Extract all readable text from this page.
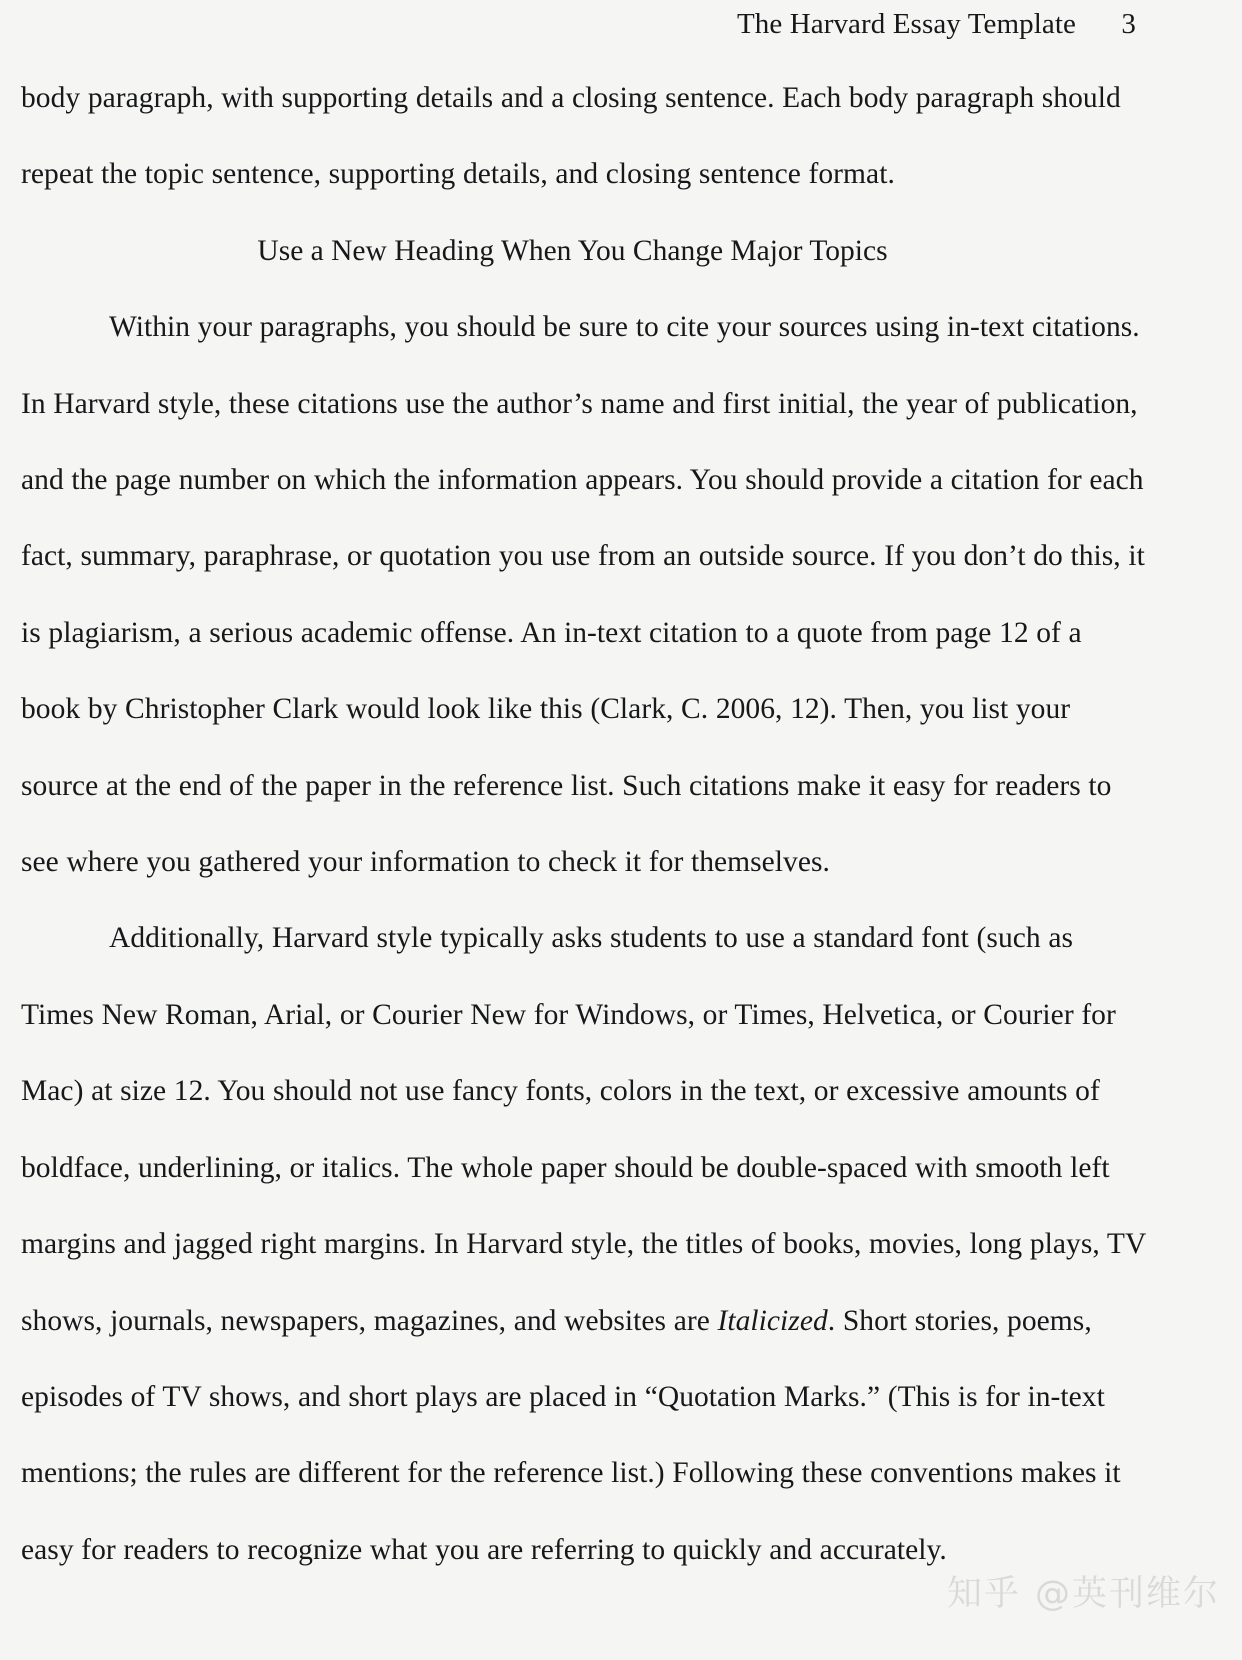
The Harvard Essay Template	3

body paragraph, with supporting details and a closing sentence. Each body paragraph should repeat the topic sentence, supporting details, and closing sentence format.

Use a New Heading When You Change Major Topics

Within your paragraphs, you should be sure to cite your sources using in-text citations. In Harvard style, these citations use the author’s name and first initial, the year of publication, and the page number on which the information appears. You should provide a citation for each fact, summary, paraphrase, or quotation you use from an outside source. If you don’t do this, it is plagiarism, a serious academic offense. An in-text citation to a quote from page 12 of a book by Christopher Clark would look like this (Clark, C. 2006, 12). Then, you list your source at the end of the paper in the reference list. Such citations make it easy for readers to see where you gathered your information to check it for themselves.

Additionally, Harvard style typically asks students to use a standard font (such as Times New Roman, Arial, or Courier New for Windows, or Times, Helvetica, or Courier for Mac) at size 12. You should not use fancy fonts, colors in the text, or excessive amounts of boldface, underlining, or italics. The whole paper should be double-spaced with smooth left margins and jagged right margins. In Harvard style, the titles of books, movies, long plays, TV shows, journals, newspapers, magazines, and websites are Italicized. Short stories, poems, episodes of TV shows, and short plays are placed in “Quotation Marks.” (This is for in-text mentions; the rules are different for the reference list.) Following these conventions makes it easy for readers to recognize what you are referring to quickly and accurately.

知乎 @英刊维尔
